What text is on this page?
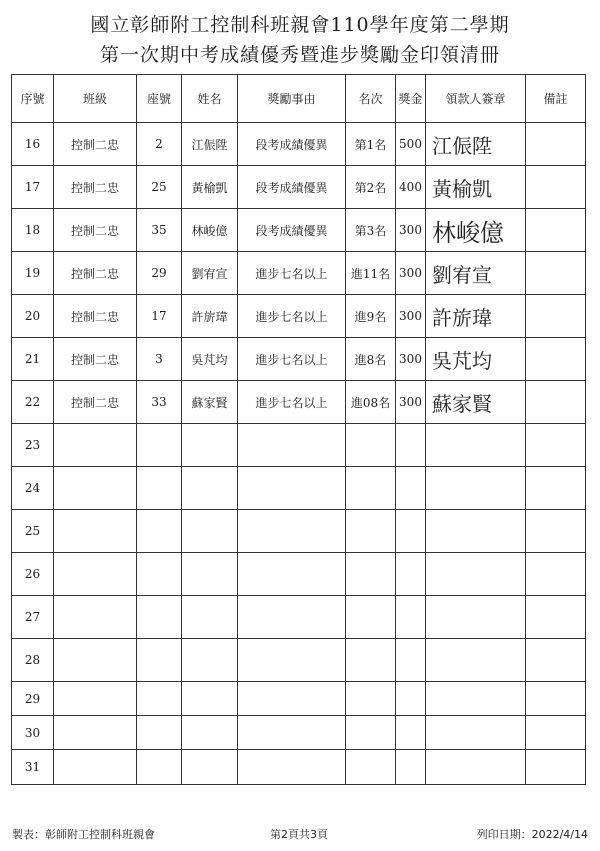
國立彰師附工控制科班親會110學年度第二學期
第一次期中考成績優秀暨進步獎勵金印領清冊
序號	班級	座號	姓名	獎勵事由	名次	獎金	領款人簽章	備註
16	控制二忠	2	江侲陞	段考成績優異	第1名	500	江侲陞	
17	控制二忠	25	黃榆凱	段考成績優異	第2名	400	黃榆凱	
18	控制二忠	35	林峻億	段考成績優異	第3名	300	林峻億	
19	控制二忠	29	劉宥宣	進步七名以上	進11名	300	劉宥宣	
20	控制二忠	17	許旂瑋	進步七名以上	進9名	300	許旂瑋	
21	控制二忠	3	吳芃均	進步七名以上	進8名	300	吳芃均	
22	控制二忠	33	蘇家賢	進步七名以上	進08名	300	蘇家賢	
23								
24								
25								
26								
27								
28								
29								
30								
31								
製表：彰師附工控制科班親會	第2頁共3頁	列印日期：2022/4/14
